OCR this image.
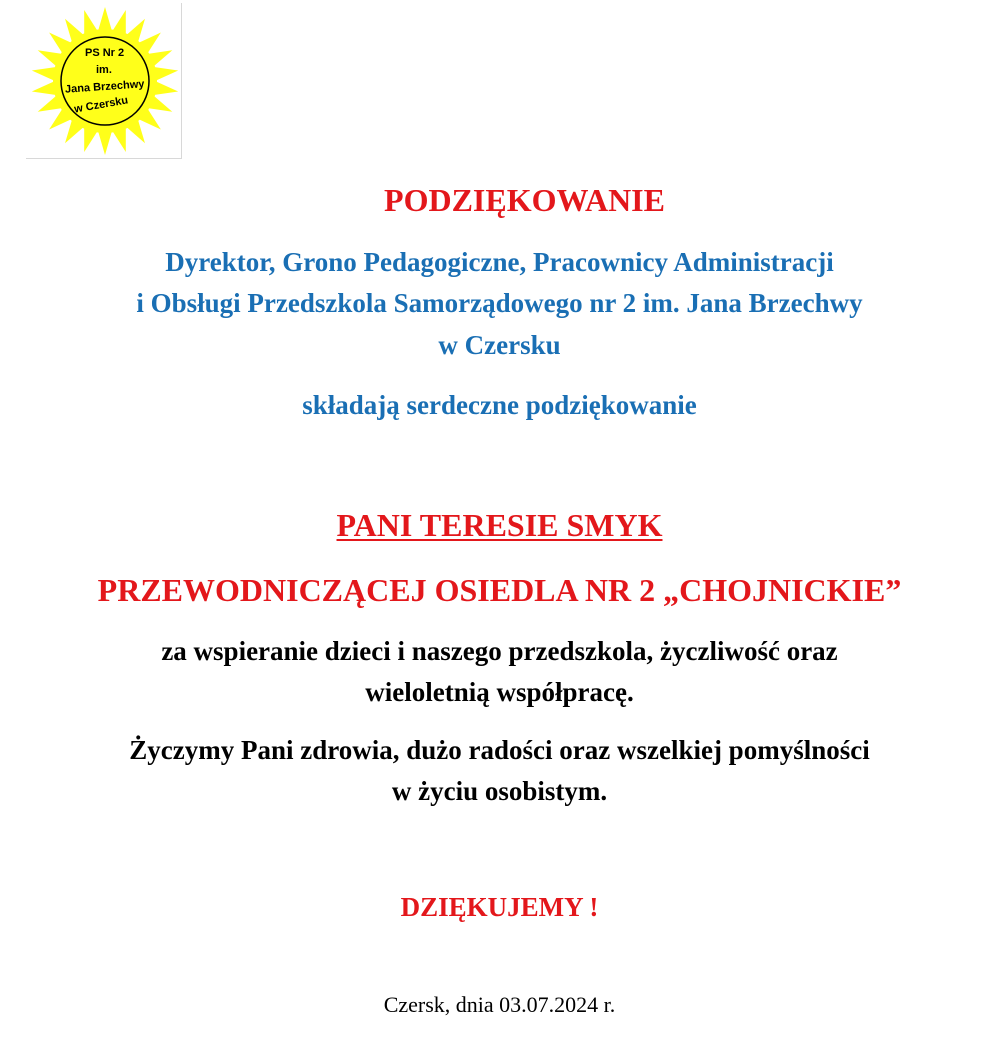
PS Nr 2
im.
Jana Brzechwy
w Czersku
PODZIĘKOWANIE
Dyrektor, Grono Pedagogiczne, Pracownicy Administracji
i Obsługi Przedszkola Samorządowego nr 2 im. Jana Brzechwy
w Czersku
składają serdeczne podziękowanie
PANI TERESIE SMYK
PRZEWODNICZĄCEJ OSIEDLA NR 2 „CHOJNICKIE”
za wspieranie dzieci i naszego przedszkola, życzliwość oraz
wieloletnią współpracę.
Życzymy Pani zdrowia, dużo radości oraz wszelkiej pomyślności
w życiu osobistym.
DZIĘKUJEMY !
Czersk, dnia 03.07.2024 r.
